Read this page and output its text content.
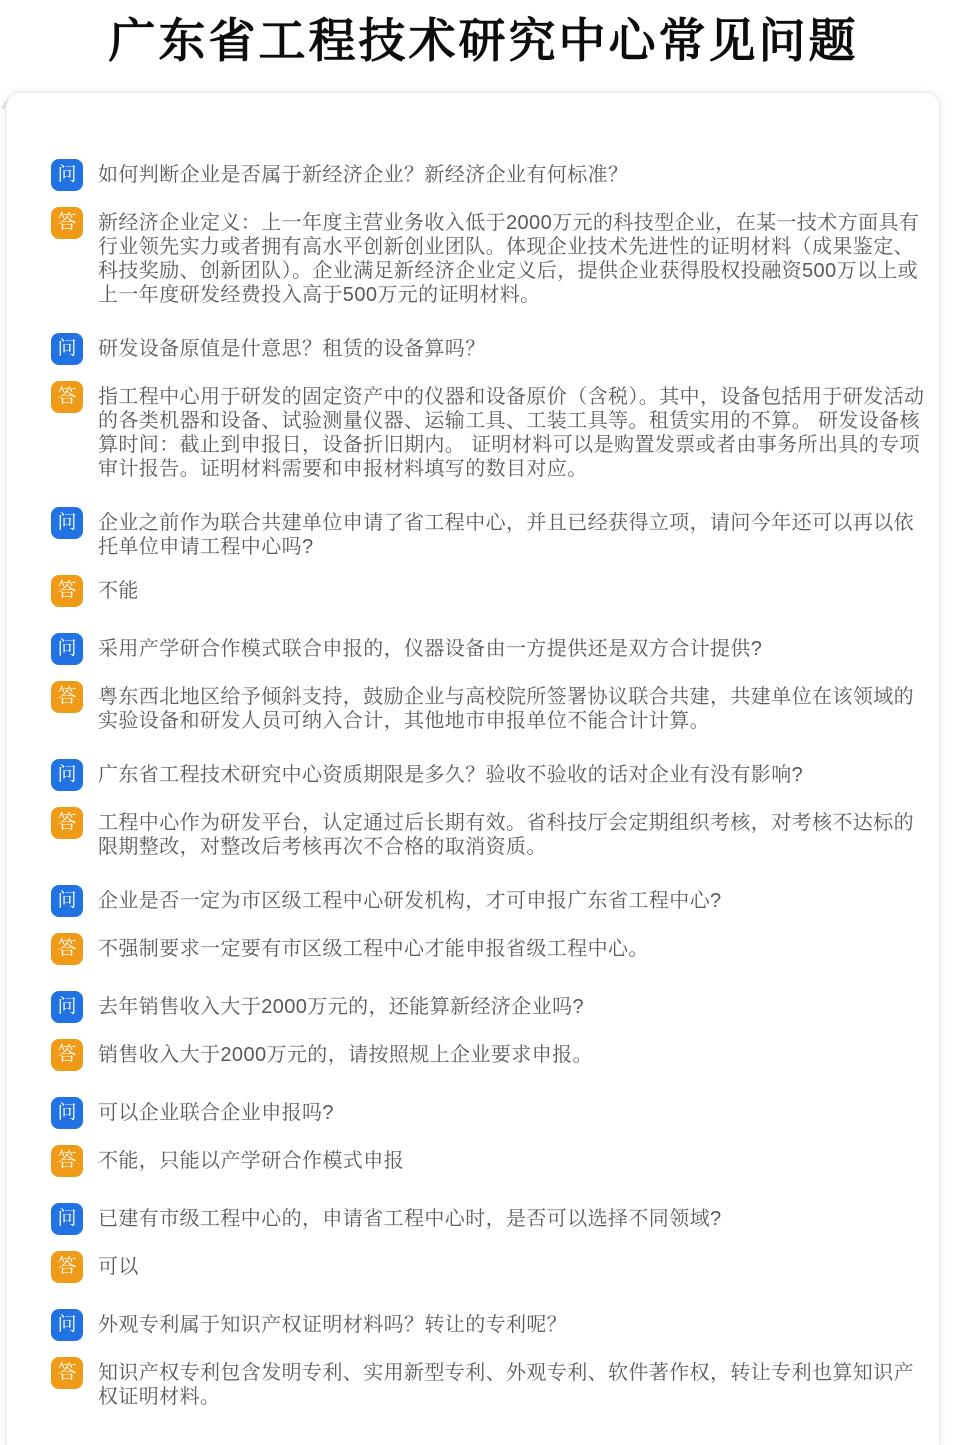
广东省工程技术研究中心常见问题
问	如何判断企业是否属于新经济企业？新经济企业有何标准？
答	新经济企业定义：上一年度主营业务收入低于2000万元的科技型企业，在某一技术方面具有行业领先实力或者拥有高水平创新创业团队。体现企业技术先进性的证明材料（成果鉴定、科技奖励、创新团队）。企业满足新经济企业定义后，提供企业获得股权投融资500万以上或上一年度研发经费投入高于500万元的证明材料。
问	研发设备原值是什意思？租赁的设备算吗？
答	指工程中心用于研发的固定资产中的仪器和设备原价（含税）。其中，设备包括用于研发活动的各类机器和设备、试验测量仪器、运输工具、工装工具等。租赁实用的不算。 研发设备核算时间：截止到申报日，设备折旧期内。 证明材料可以是购置发票或者由事务所出具的专项审计报告。证明材料需要和申报材料填写的数目对应。
问	企业之前作为联合共建单位申请了省工程中心，并且已经获得立项，请问今年还可以再以依托单位申请工程中心吗?
答	不能
问	采用产学研合作模式联合申报的，仪器设备由一方提供还是双方合计提供?
答	粤东西北地区给予倾斜支持，鼓励企业与高校院所签署协议联合共建，共建单位在该领域的实验设备和研发人员可纳入合计，其他地市申报单位不能合计计算。
问	广东省工程技术研究中心资质期限是多久？验收不验收的话对企业有没有影响?
答	工程中心作为研发平台，认定通过后长期有效。省科技厅会定期组织考核，对考核不达标的限期整改，对整改后考核再次不合格的取消资质。
问	企业是否一定为市区级工程中心研发机构，才可申报广东省工程中心?
答	不强制要求一定要有市区级工程中心才能申报省级工程中心。
问	去年销售收入大于2000万元的，还能算新经济企业吗?
答	销售收入大于2000万元的，请按照规上企业要求申报。
问	可以企业联合企业申报吗?
答	不能，只能以产学研合作模式申报
问	已建有市级工程中心的，申请省工程中心时，是否可以选择不同领域?
答	可以
问	外观专利属于知识产权证明材料吗？转让的专利呢？
答	知识产权专利包含发明专利、实用新型专利、外观专利、软件著作权，转让专利也算知识产权证明材料。
